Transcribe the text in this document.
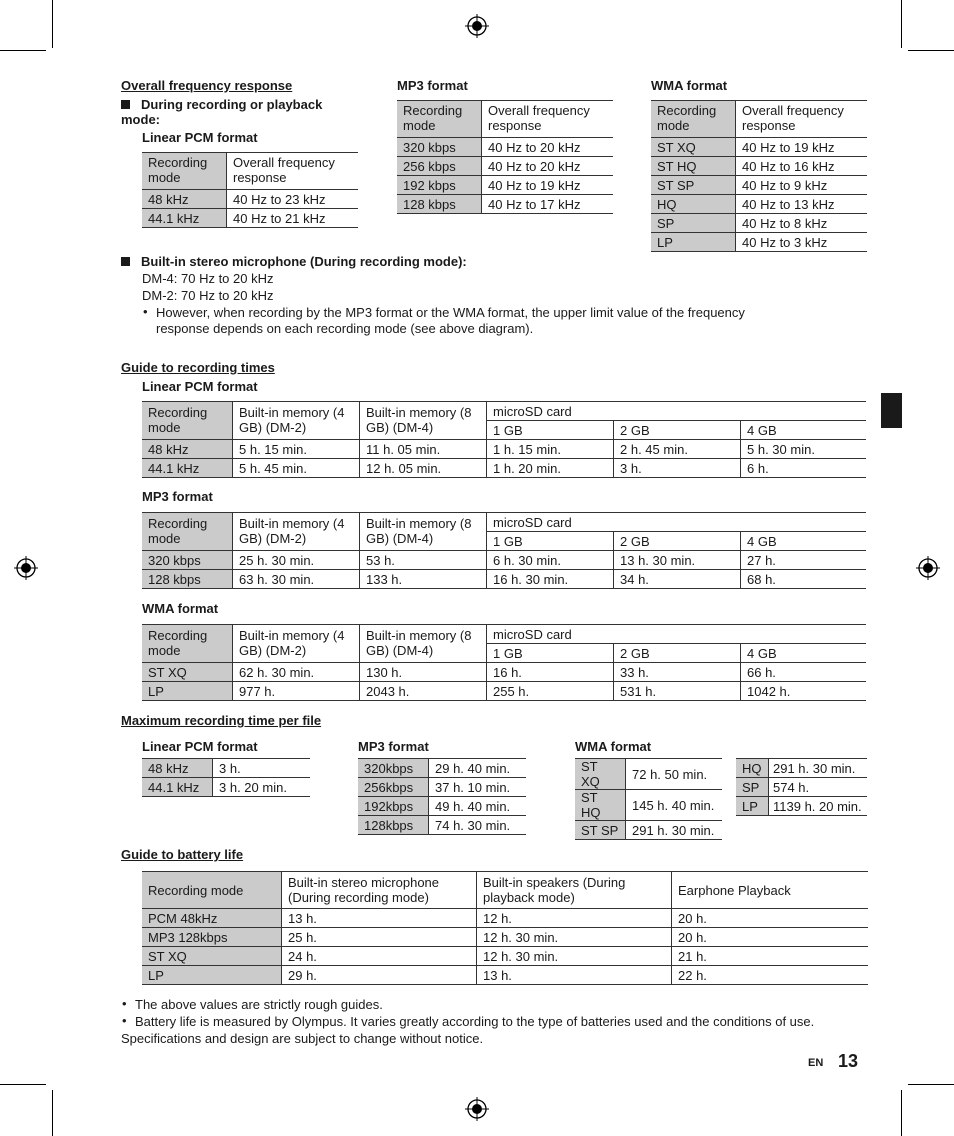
Overall frequency response
During recording or playback mode:
Linear PCM format
Recording mode	Overall frequency response
48 kHz	40 Hz to 23 kHz
44.1 kHz	40 Hz to 21 kHz
MP3 format
Recording mode	Overall frequency response
320 kbps	40 Hz to 20 kHz
256 kbps	40 Hz to 20 kHz
192 kbps	40 Hz to 19 kHz
128 kbps	40 Hz to 17 kHz
WMA format
Recording mode	Overall frequency response
ST XQ	40 Hz to 19 kHz
ST HQ	40 Hz to 16 kHz
ST SP	40 Hz to 9 kHz
HQ	40 Hz to 13 kHz
SP	40 Hz to 8 kHz
LP	40 Hz to 3 kHz
Built-in stereo microphone (During recording mode):
DM-4: 70 Hz to 20 kHz
DM-2: 70 Hz to 20 kHz
• However, when recording by the MP3 format or the WMA format, the upper limit value of the frequency
response depends on each recording mode (see above diagram).
Guide to recording times
Linear PCM format
Recording mode	Built-in memory (4 GB) (DM-2)	Built-in memory (8 GB) (DM-4)	microSD card		
			1 GB	2 GB	4 GB
48 kHz	5 h. 15 min.	11 h. 05 min.	1 h. 15 min.	2 h. 45 min.	5 h. 30 min.
44.1 kHz	5 h. 45 min.	12 h. 05 min.	1 h. 20 min.	3 h.	6 h.
MP3 format
Recording mode	Built-in memory (4 GB) (DM-2)	Built-in memory (8 GB) (DM-4)	microSD card		
			1 GB	2 GB	4 GB
320 kbps	25 h. 30 min.	53 h.	6 h. 30 min.	13 h. 30 min.	27 h.
128 kbps	63 h. 30 min.	133 h.	16 h. 30 min.	34 h.	68 h.
WMA format
Recording mode	Built-in memory (4 GB) (DM-2)	Built-in memory (8 GB) (DM-4)	microSD card		
			1 GB	2 GB	4 GB
ST XQ	62 h. 30 min.	130 h.	16 h.	33 h.	66 h.
LP	977 h.	2043 h.	255 h.	531 h.	1042 h.
Maximum recording time per file
Linear PCM format
48 kHz	3 h.
44.1 kHz	3 h. 20 min.
MP3 format
320kbps	29 h. 40 min.
256kbps	37 h. 10 min.
192kbps	49 h. 40 min.
128kbps	74 h. 30 min.
WMA format
ST XQ	72 h. 50 min.
ST HQ	145 h. 40 min.
ST SP	291 h. 30 min.
HQ	291 h. 30 min.
SP	574 h.
LP	1139 h. 20 min.
Guide to battery life
Recording mode	Built-in stereo microphone (During recording mode)	Built-in speakers (During playback mode)	Earphone Playback
PCM 48kHz	13 h.	12 h.	20 h.
MP3 128kbps	25 h.	12 h. 30 min.	20 h.
ST XQ	24 h.	12 h. 30 min.	21 h.
LP	29 h.	13 h.	22 h.
• The above values are strictly rough guides.
• Battery life is measured by Olympus. It varies greatly according to the type of batteries used and the conditions of use.
Specifications and design are subject to change without notice.
EN 13
